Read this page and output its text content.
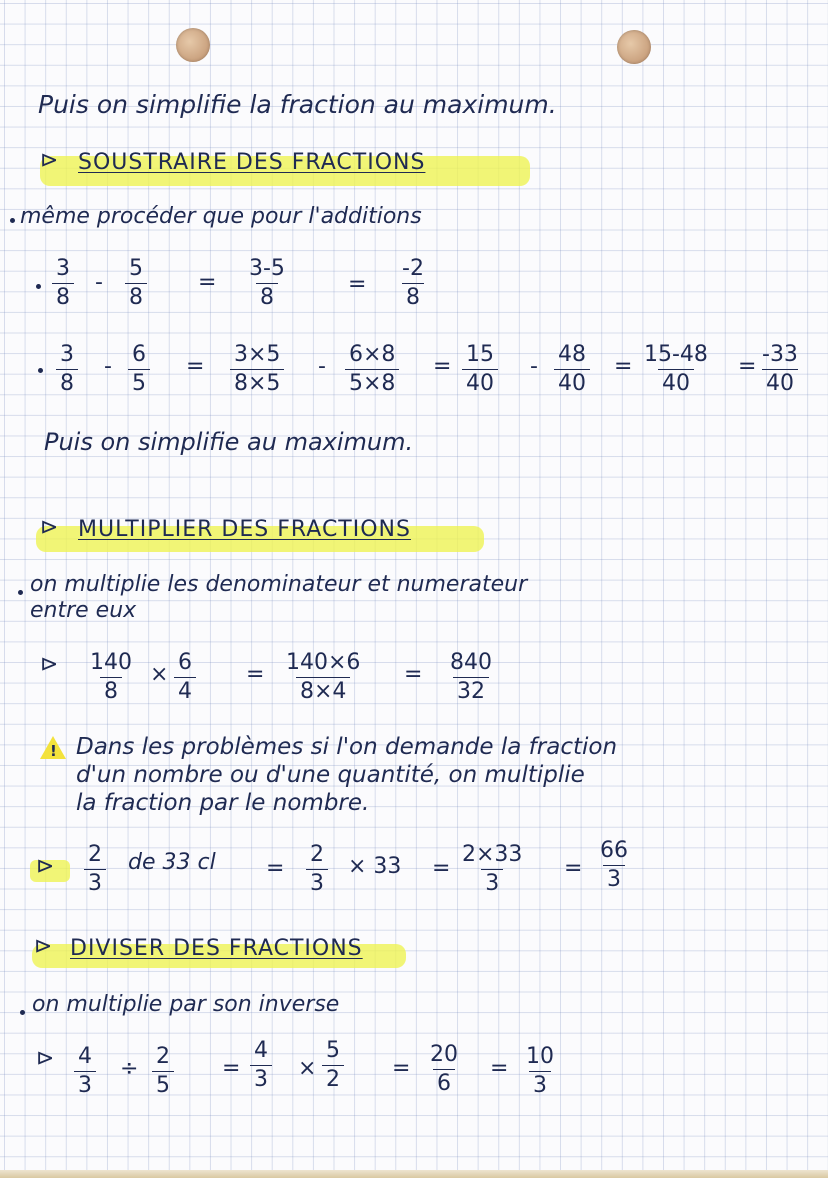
Puis on simplifie la fraction au maximum.
⊳ SOUSTRAIRE DES FRACTIONS
même procéder que pour l'additions
$\frac{3}{8} - \frac{5}{8} = \frac{3-5}{8}$	= $\frac{-2}{8}$
$\frac{3}{8} - \frac{6}{5} = \frac{3\times 5}{8\times 5} - \frac{6\times 8}{5\times 8} = \frac{15}{40} - \frac{48}{40} = \frac{15-48}{40} = \frac{-33}{40}$
Puis on simplifie au maximum.
⊳ MULTIPLIER DES FRACTIONS
on multiplie les denominateur et numerateur
entre eux
⊳ $\frac{140}{8} \times \frac{6}{4} = \frac{140\times 6}{8\times 4} = \frac{840}{32}$
! Dans les problèmes si l'on demande la fraction
d'un nombre ou d'une quantité, on multiplie
la fraction par le nombre.
⊳ $\frac{2}{3}$ de 33 cl = $\frac{2}{3} \times 33 = \frac{2\times 33}{3} = \frac{66}{3}$
⊳ DIVISER DES FRACTIONS
on multiplie par son inverse
⊳ $\frac{4}{3} \div \frac{2}{5} = \frac{4}{3} \times \frac{5}{2} = \frac{20}{6} = \frac{10}{3}$
